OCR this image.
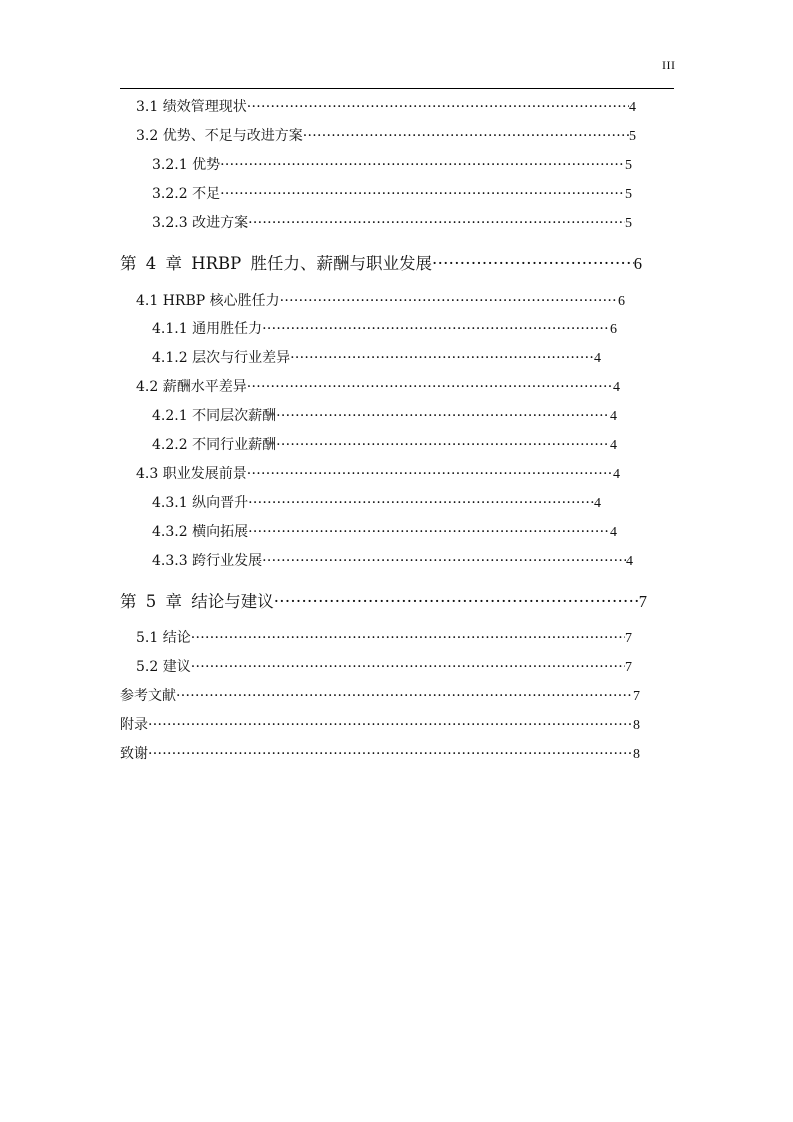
III
3.1 绩效管理现状 ·····	4
3.2 优势、不足与改进方案 ·····	5
3.2.1 优势 ·····	5
3.2.2 不足 ·····	5
3.2.3 改进方案 ·····	5
第 4 章 HRBP 胜任力、薪酬与职业发展 ·····	6
4.1 HRBP 核心胜任力 ·····	6
4.1.1 通用胜任力 ·····	6
4.1.2 层次与行业差异 ·····	4
4.2 薪酬水平差异 ·····	4
4.2.1 不同层次薪酬 ·····	4
4.2.2 不同行业薪酬 ·····	4
4.3 职业发展前景 ·····	4
4.3.1 纵向晋升 ·····	4
4.3.2 横向拓展 ·····	4
4.3.3 跨行业发展 ·····	4
第 5 章 结论与建议 ·····	7
5.1 结论 ·····	7
5.2 建议 ·····	7
参考文献 ·····	7
附录 ·····	8
致谢 ·····	8
